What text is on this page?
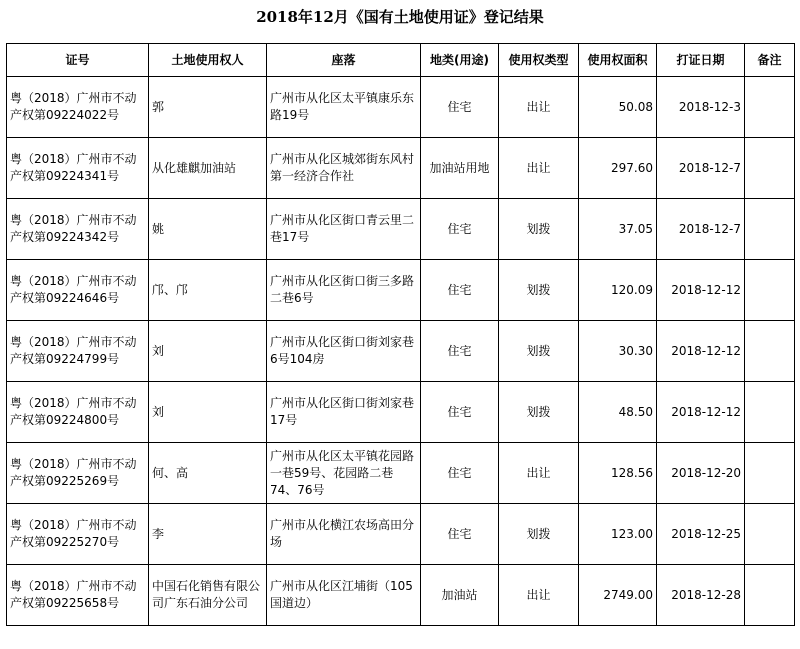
2018年12月《国有土地使用证》登记结果
证号	土地使用权人	座落	地类(用途)	使用权类型	使用权面积	打证日期	备注
粤（2018）广州市不动产权第09224022号	郭	广州市从化区太平镇康乐东路19号	住宅	出让	50.08	2018-12-3	
粤（2018）广州市不动产权第09224341号	从化雄麒加油站	广州市从化区城郊街东风村第一经济合作社	加油站用地	出让	297.60	2018-12-7	
粤（2018）广州市不动产权第09224342号	姚	广州市从化区街口青云里二巷17号	住宅	划拨	37.05	2018-12-7	
粤（2018）广州市不动产权第09224646号	邝、邝	广州市从化区街口街三多路二巷6号	住宅	划拨	120.09	2018-12-12	
粤（2018）广州市不动产权第09224799号	刘	广州市从化区街口街刘家巷6号104房	住宅	划拨	30.30	2018-12-12	
粤（2018）广州市不动产权第09224800号	刘	广州市从化区街口街刘家巷17号	住宅	划拨	48.50	2018-12-12	
粤（2018）广州市不动产权第09225269号	何、高	广州市从化区太平镇花园路一巷59号、花园路二巷74、76号	住宅	出让	128.56	2018-12-20	
粤（2018）广州市不动产权第09225270号	李	广州市从化横江农场高田分场	住宅	划拨	123.00	2018-12-25	
粤（2018）广州市不动产权第09225658号	中国石化销售有限公司广东石油分公司	广州市从化区江埔街（105国道边）	加油站	出让	2749.00	2018-12-28	
